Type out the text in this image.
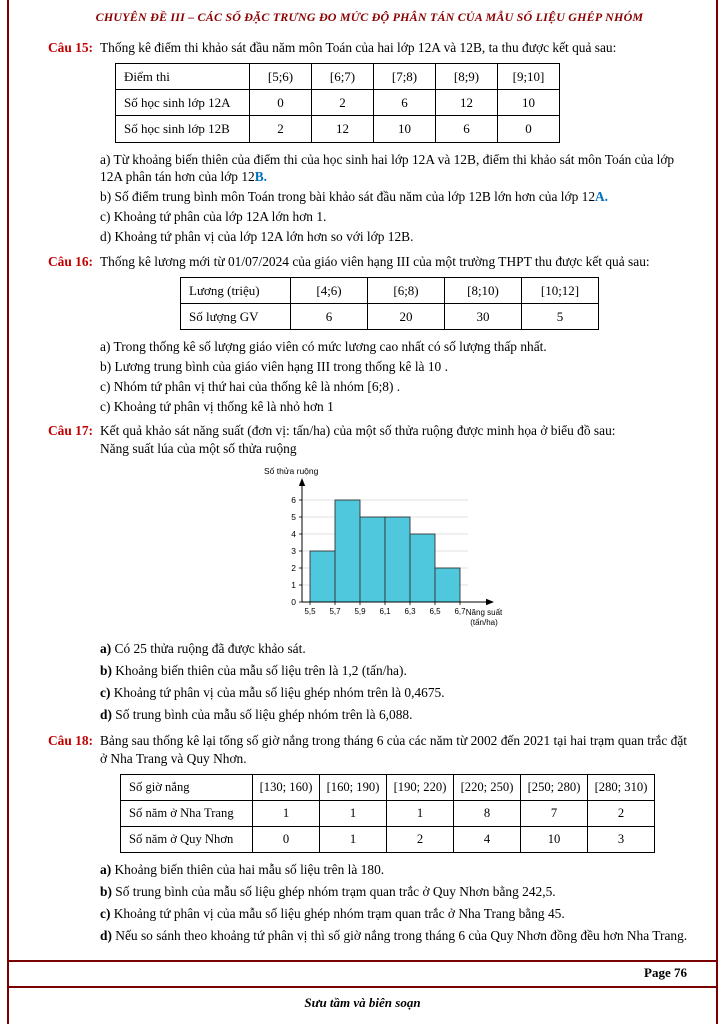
CHUYÊN ĐỀ III – CÁC SỐ ĐẶC TRƯNG ĐO MỨC ĐỘ PHÂN TÁN CỦA MẪU SỐ LIỆU GHÉP NHÓM
Câu 15: Thống kê điểm thi khảo sát đầu năm môn Toán của hai lớp 12A và 12B, ta thu được kết quả sau:

Điểm thi	[5;6)	[6;7)	[7;8)	[8;9)	[9;10]
Số học sinh lớp 12A	0	2	6	12	10
Số học sinh lớp 12B	2	12	10	6	0

a) Từ khoảng biến thiên của điểm thi của học sinh hai lớp 12A và 12B, điểm thi khảo sát môn Toán của lớp 12A phân tán hơn của lớp 12B.

b) Số điểm trung bình môn Toán trong bài khảo sát đầu năm của lớp 12B lớn hơn của lớp 12A.

c) Khoảng tứ phân của lớp 12A lớn hơn 1.

d) Khoảng tứ phân vị của lớp 12A lớn hơn so với lớp 12B.

Câu 16: Thống kê lương mới từ 01/07/2024 của giáo viên hạng III của một trường THPT thu được kết quả sau:

Lương (triệu)	[4;6)	[6;8)	[8;10)	[10;12]
Số lượng GV	6	20	30	5

a) Trong thống kê số lượng giáo viên có mức lương cao nhất có số lượng thấp nhất.

b) Lương trung bình của giáo viên hạng III trong thống kê là 10 .

c) Nhóm tứ phân vị thứ hai của thống kê là nhóm [6;8) .

c) Khoảng tứ phân vị thống kê là nhỏ hơn 1

Câu 17: Kết quả khảo sát năng suất (đơn vị: tấn/ha) của một số thửa ruộng được minh họa ở biểu đồ sau:

Năng suất lúa của một số thửa ruộng

0
1
2
3
4
5
6
5,5 5,7 5,9 6,1 6,3 6,5 6,7
Số thửa ruộng
Năng suất
(tấn/ha)

a) Có 25 thửa ruộng đã được khảo sát.

b) Khoảng biến thiên của mẫu số liệu trên là 1,2 (tấn/ha).

c) Khoảng tứ phân vị của mẫu số liệu ghép nhóm trên là 0,4675.

d) Số trung bình của mẫu số liệu ghép nhóm trên là 6,088.

Câu 18: Bảng sau thống kê lại tổng số giờ nắng trong tháng 6 của các năm từ 2002 đến 2021 tại hai trạm quan trắc đặt ở Nha Trang và Quy Nhơn.

Số giờ nắng	[130; 160)	[160; 190)	[190; 220)	[220; 250)	[250; 280)	[280; 310)
Số năm ở Nha Trang	1	1	1	8	7	2
Số năm ở Quy Nhơn	0	1	2	4	10	3

a) Khoảng biến thiên của hai mẫu số liệu trên là 180.

b) Số trung bình của mẫu số liệu ghép nhóm trạm quan trắc ở Quy Nhơn bằng 242,5.

c) Khoảng tứ phân vị của mẫu số liệu ghép nhóm trạm quan trắc ở Nha Trang bằng 45.

d) Nếu so sánh theo khoảng tứ phân vị thì số giờ nắng trong tháng 6 của Quy Nhơn đồng đều hơn Nha Trang.

Page 76
Sưu tầm và biên soạn
